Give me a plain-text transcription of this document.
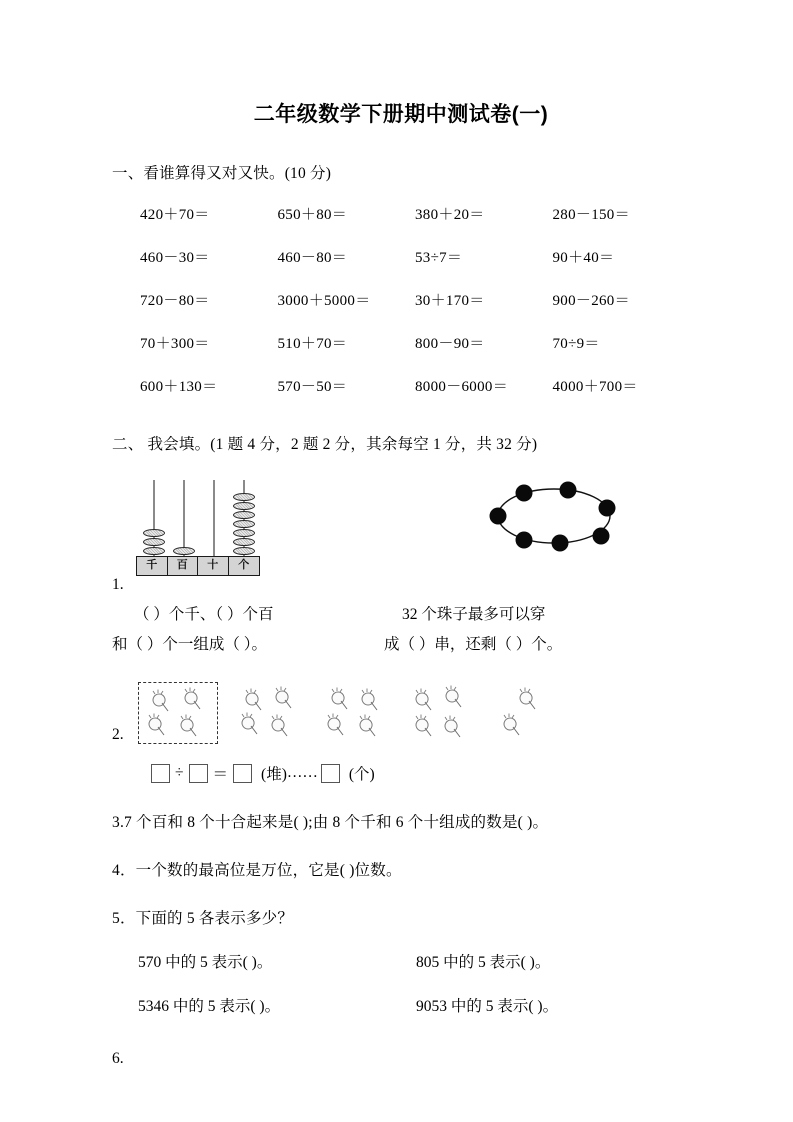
二年级数学下册期中测试卷(一)
一、看谁算得又对又快。(10 分)
420＋70＝	650＋80＝	380＋20＝	280－150＝
460－30＝	460－80＝	53÷7＝	90＋40＝
720－80＝	3000＋5000＝	30＋170＝	900－260＝
70＋300＝	510＋70＝	800－90＝	70÷9＝
600＋130＝	570－50＝	8000－6000＝	4000＋700＝
二、 我会填。(1 题 4 分，2 题 2 分，其余每空 1 分，共 32 分)
千	百	十	个
1.
（ ）个千、（ ）个百
和（ ）个一组成（ ）。
32 个珠子最多可以穿
成（ ）串，还剩（ ）个。
2.
÷ ＝ (堆) …… (个)
3.7 个百和 8 个十合起来是( );由 8 个千和 6 个十组成的数是( )。
4．一个数的最高位是万位，它是( )位数。
5．下面的 5 各表示多少？
570 中的 5 表示( )。	805 中的 5 表示( )。
5346 中的 5 表示( )。	9053 中的 5 表示( )。
6.
